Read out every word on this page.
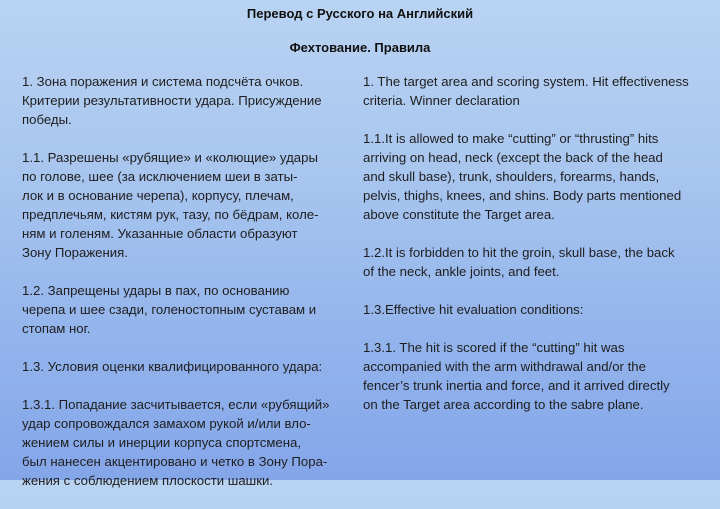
Перевод с Русского на Английский
Фехтование. Правила

1. Зона поражения и система подсчёта очков.
Критерии результативности удара. Присуждение
победы.

1.1. Разрешены «рубящие» и «колющие» удары
по голове, шее (за исключением шеи в заты-
лок и в основание черепа), корпусу, плечам,
предплечьям, кистям рук, тазу, по бёдрам, коле-
ням и голеням. Указанные области образуют
Зону Поражения.

1.2. Запрещены удары в пах, по основанию
черепа и шее сзади, голеностопным суставам и
стопам ног.

1.3. Условия оценки квалифицированного удара:

1.3.1. Попадание засчитывается, если «рубящий»
удар сопровождался замахом рукой и/или вло-
жением силы и инерции корпуса спортсмена,
был нанесен акцентировано и четко в Зону Пора-
жения с соблюдением плоскости шашки.

1. The target area and scoring system. Hit effectiveness
criteria. Winner declaration

1.1.It is allowed to make “cutting” or “thrusting” hits
arriving on head, neck (except the back of the head
and skull base), trunk, shoulders, forearms, hands,
pelvis, thighs, knees, and shins. Body parts mentioned
above constitute the Target area.

1.2.It is forbidden to hit the groin, skull base, the back
of the neck, ankle joints, and feet.

1.3.Effective hit evaluation conditions:

1.3.1. The hit is scored if the “cutting” hit was
accompanied with the arm withdrawal and/or the
fencer’s trunk inertia and force, and it arrived directly
on the Target area according to the sabre plane.
